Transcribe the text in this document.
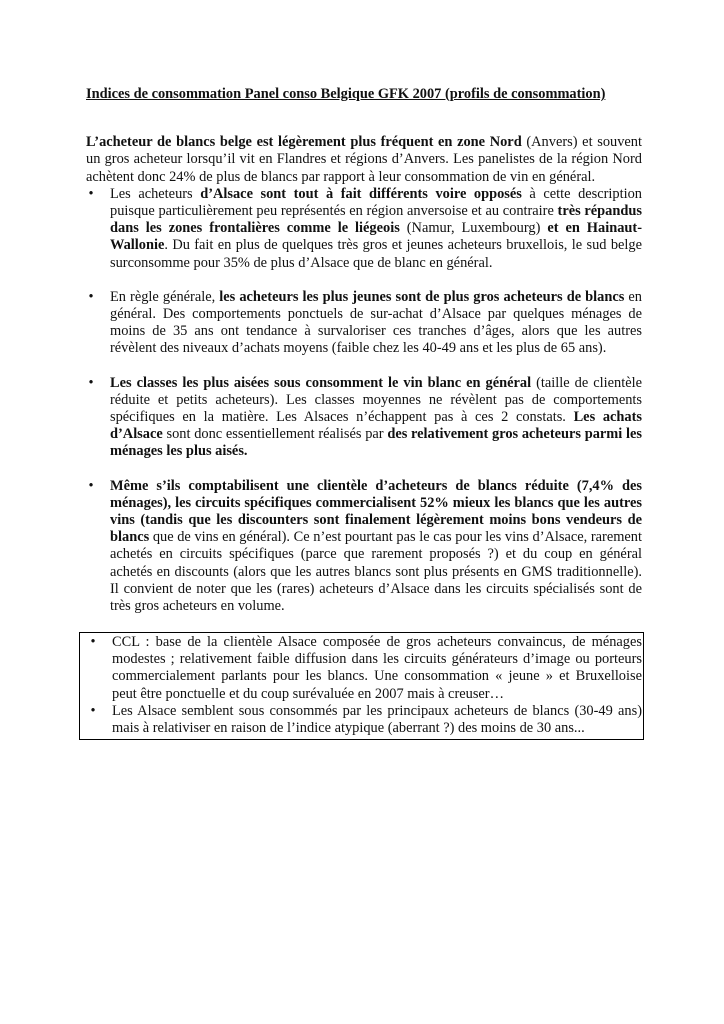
Indices de consommation Panel conso Belgique GFK 2007 (profils de consommation)

L’acheteur de blancs belge est légèrement plus fréquent en zone Nord (Anvers) et souvent un gros acheteur lorsqu’il vit en Flandres et régions d’Anvers. Les panelistes de la région Nord achètent donc 24% de plus de blancs par rapport à leur consommation de vin en général.

• Les acheteurs d’Alsace sont tout à fait différents voire opposés à cette description puisque particulièrement peu représentés en région anversoise et au contraire très répandus dans les zones frontalières comme le liégeois (Namur, Luxembourg) et en Hainaut-Wallonie. Du fait en plus de quelques très gros et jeunes acheteurs bruxellois, le sud belge surconsomme pour 35% de plus d’Alsace que de blanc en général.
• En règle générale, les acheteurs les plus jeunes sont de plus gros acheteurs de blancs en général. Des comportements ponctuels de sur-achat d’Alsace par quelques ménages de moins de 35 ans ont tendance à survaloriser ces tranches d’âges, alors que les autres révèlent des niveaux d’achats moyens (faible chez les 40-49 ans et les plus de 65 ans).
• Les classes les plus aisées sous consomment le vin blanc en général (taille de clientèle réduite et petits acheteurs). Les classes moyennes ne révèlent pas de comportements spécifiques en la matière. Les Alsaces n’échappent pas à ces 2 constats. Les achats d’Alsace sont donc essentiellement réalisés par des relativement gros acheteurs parmi les ménages les plus aisés.
• Même s’ils comptabilisent une clientèle d’acheteurs de blancs réduite (7,4% des ménages), les circuits spécifiques commercialisent 52% mieux les blancs que les autres vins (tandis que les discounters sont finalement légèrement moins bons vendeurs de blancs que de vins en général). Ce n’est pourtant pas le cas pour les vins d’Alsace, rarement achetés en circuits spécifiques (parce que rarement proposés ?) et du coup en général achetés en discounts (alors que les autres blancs sont plus présents en GMS traditionnelle). Il convient de noter que les (rares) acheteurs d’Alsace dans les circuits spécialisés sont de très gros acheteurs en volume.
• CCL : base de la clientèle Alsace composée de gros acheteurs convaincus, de ménages modestes ; relativement faible diffusion dans les circuits générateurs d’image ou porteurs commercialement parlants pour les blancs. Une consommation « jeune » et Bruxelloise peut être ponctuelle et du coup surévaluée en 2007 mais à creuser…
• Les Alsace semblent sous consommés par les principaux acheteurs de blancs (30-49 ans) mais à relativiser en raison de l’indice atypique (aberrant ?) des moins de 30 ans...
